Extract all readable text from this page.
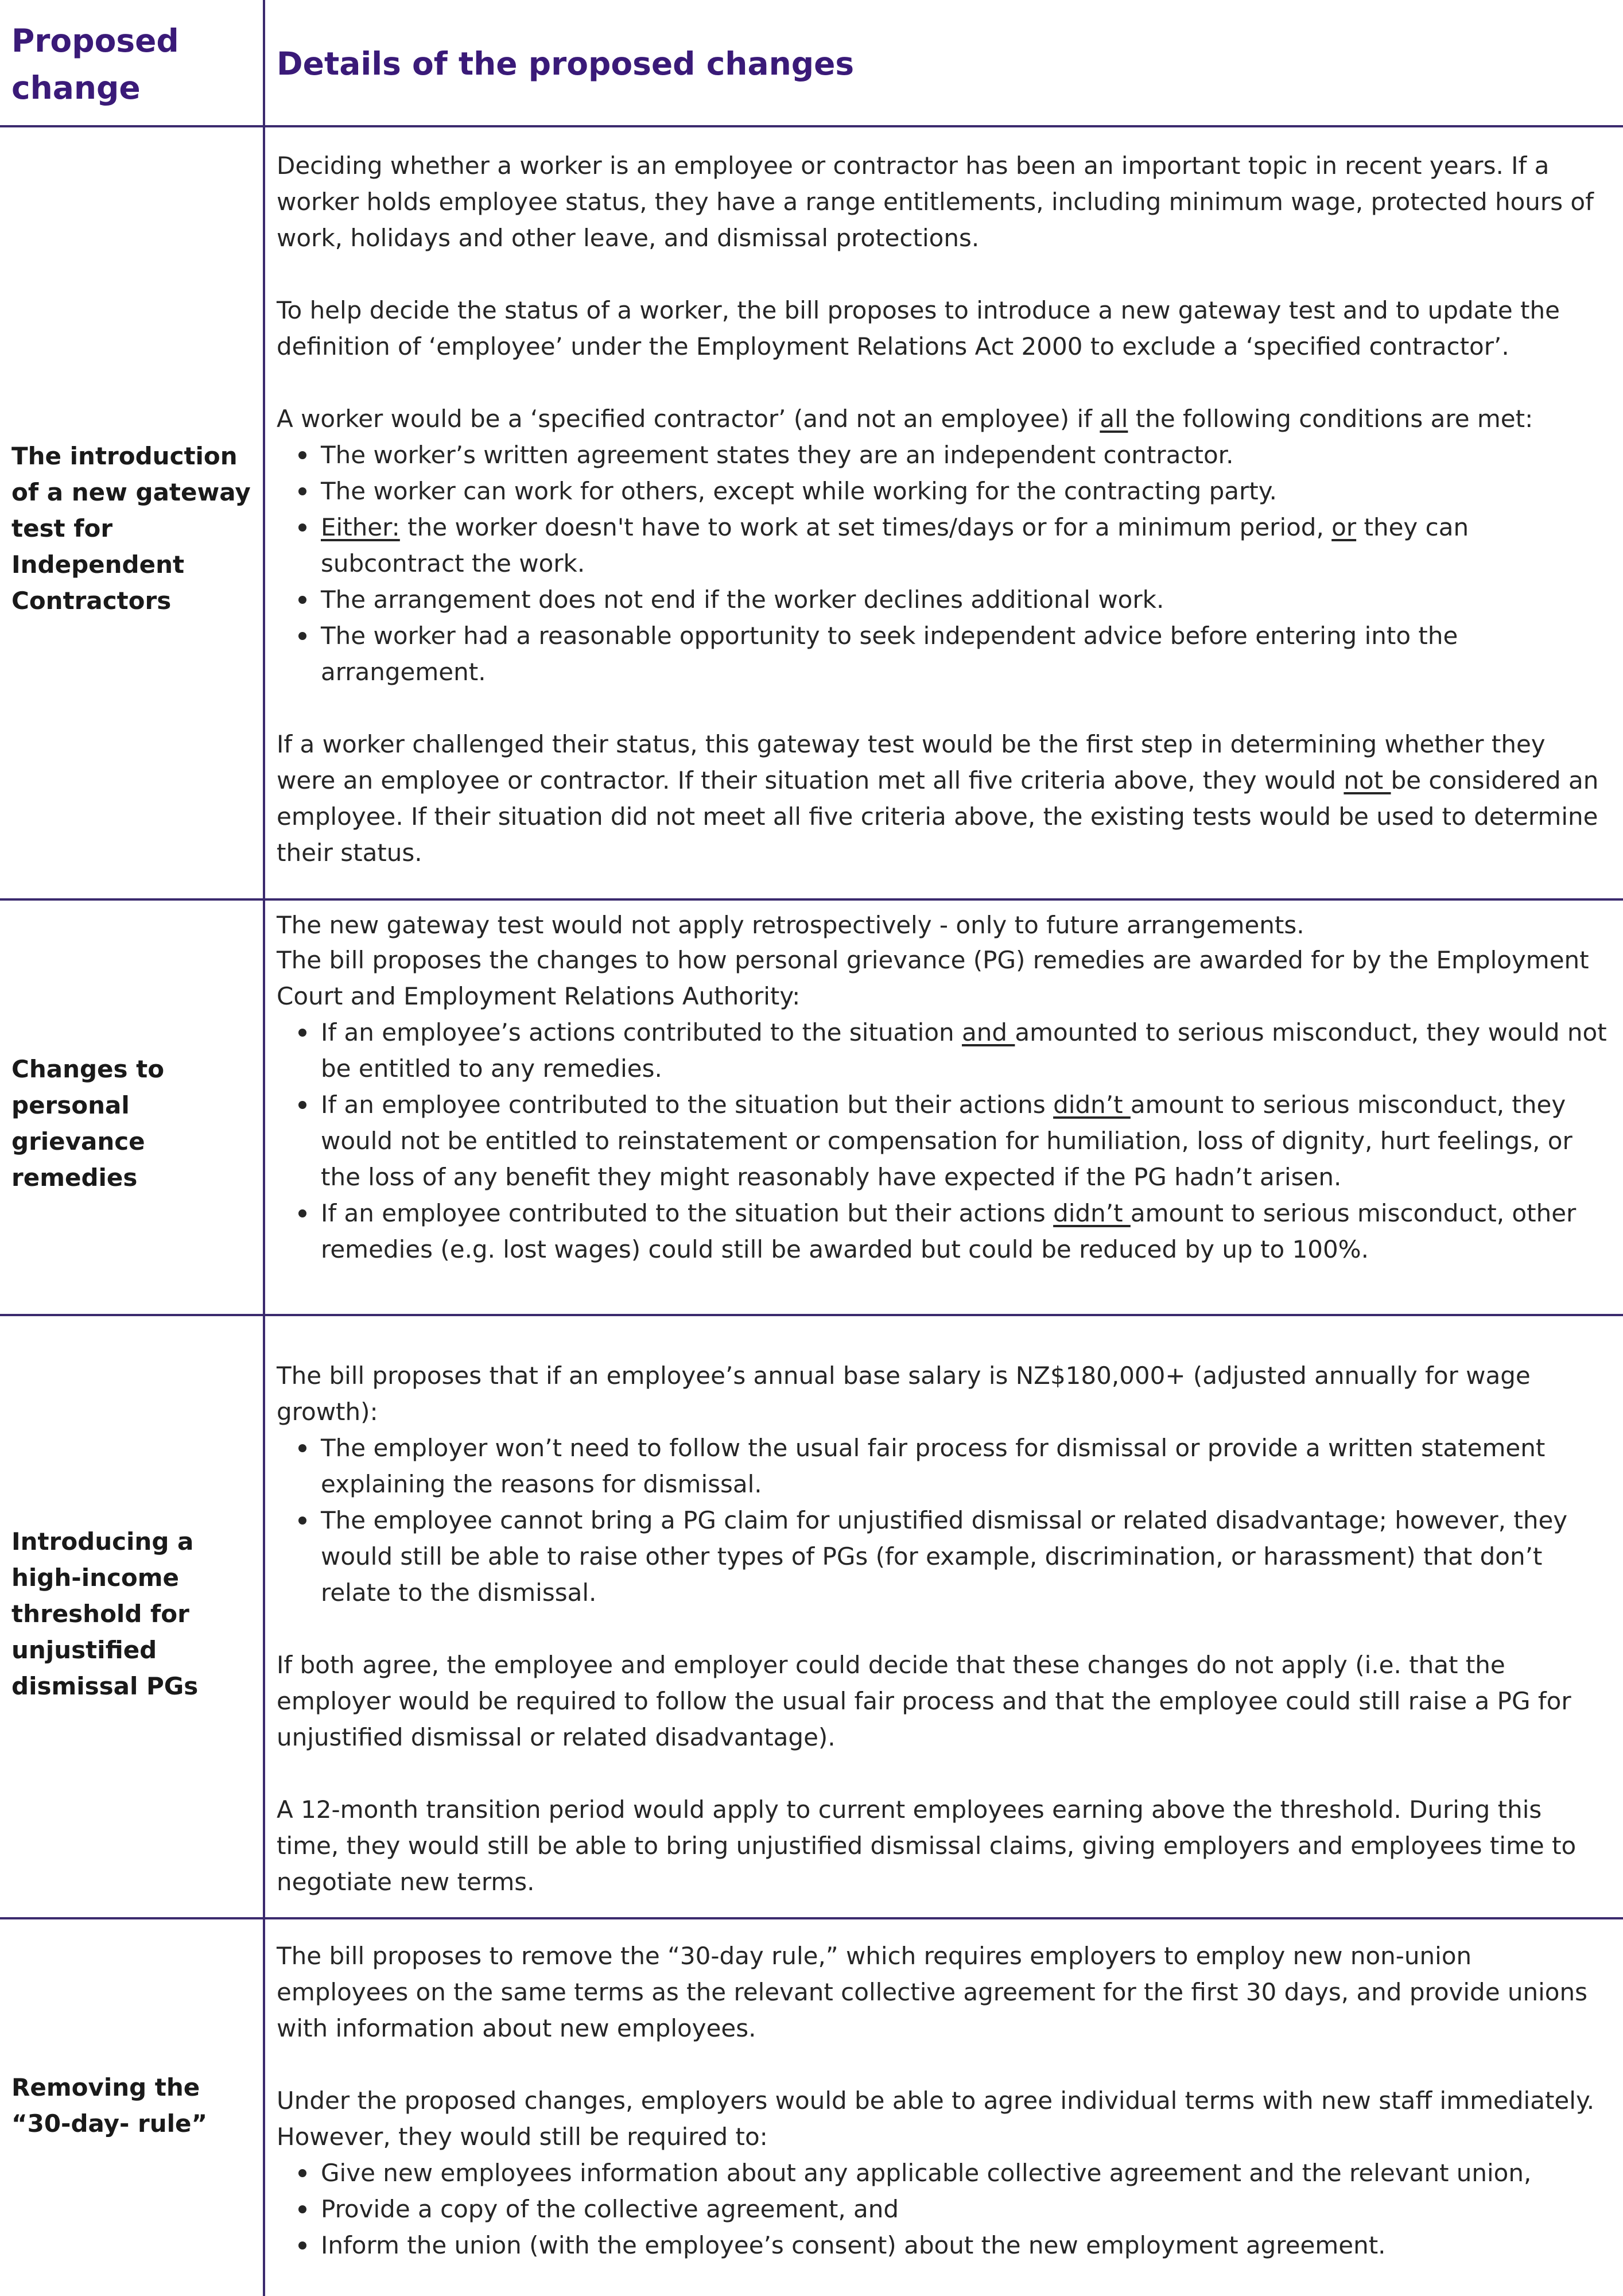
Proposed change
Details of the proposed changes
The introduction of a new gateway test for Independent Contractors

Deciding whether a worker is an employee or contractor has been an important topic in recent years. If a worker holds employee status, they have a range entitlements, including minimum wage, protected hours of work, holidays and other leave, and dismissal protections.

To help decide the status of a worker, the bill proposes to introduce a new gateway test and to update the definition of ‘employee’ under the Employment Relations Act 2000 to exclude a ‘specified contractor’.

A worker would be a ‘specified contractor’ (and not an employee) if all the following conditions are met:

The worker’s written agreement states they are an independent contractor.
The worker can work for others, except while working for the contracting party.
Either: the worker doesn't have to work at set times/days or for a minimum period, or they can subcontract the work.
The arrangement does not end if the worker declines additional work.
The worker had a reasonable opportunity to seek independent advice before entering into the arrangement.

If a worker challenged their status, this gateway test would be the first step in determining whether they were an employee or contractor. If their situation met all five criteria above, they would not be considered an employee. If their situation did not meet all five criteria above, the existing tests would be used to determine their status.

The new gateway test would not apply retrospectively - only to future arrangements.

Changes to personal grievance remedies

The bill proposes the changes to how personal grievance (PG) remedies are awarded for by the Employment Court and Employment Relations Authority:

If an employee’s actions contributed to the situation and amounted to serious misconduct, they would not be entitled to any remedies.
If an employee contributed to the situation but their actions didn’t amount to serious misconduct, they would not be entitled to reinstatement or compensation for humiliation, loss of dignity, hurt feelings, or the loss of any benefit they might reasonably have expected if the PG hadn’t arisen.
If an employee contributed to the situation but their actions didn’t amount to serious misconduct, other remedies (e.g. lost wages) could still be awarded but could be reduced by up to 100%.
Introducing a high-income threshold for unjustified dismissal PGs

The bill proposes that if an employee’s annual base salary is NZ$180,000+ (adjusted annually for wage growth):

The employer won’t need to follow the usual fair process for dismissal or provide a written statement explaining the reasons for dismissal.
The employee cannot bring a PG claim for unjustified dismissal or related disadvantage; however, they would still be able to raise other types of PGs (for example, discrimination, or harassment) that don’t relate to the dismissal.

If both agree, the employee and employer could decide that these changes do not apply (i.e. that the employer would be required to follow the usual fair process and that the employee could still raise a PG for unjustified dismissal or related disadvantage).

A 12-month transition period would apply to current employees earning above the threshold. During this time, they would still be able to bring unjustified dismissal claims, giving employers and employees time to negotiate new terms.

Removing the “30-day- rule”

The bill proposes to remove the “30-day rule,” which requires employers to employ new non-union employees on the same terms as the relevant collective agreement for the first 30 days, and provide unions with information about new employees.

Under the proposed changes, employers would be able to agree individual terms with new staff immediately. However, they would still be required to:

Give new employees information about any applicable collective agreement and the relevant union,
Provide a copy of the collective agreement, and
Inform the union (with the employee’s consent) about the new employment agreement.
